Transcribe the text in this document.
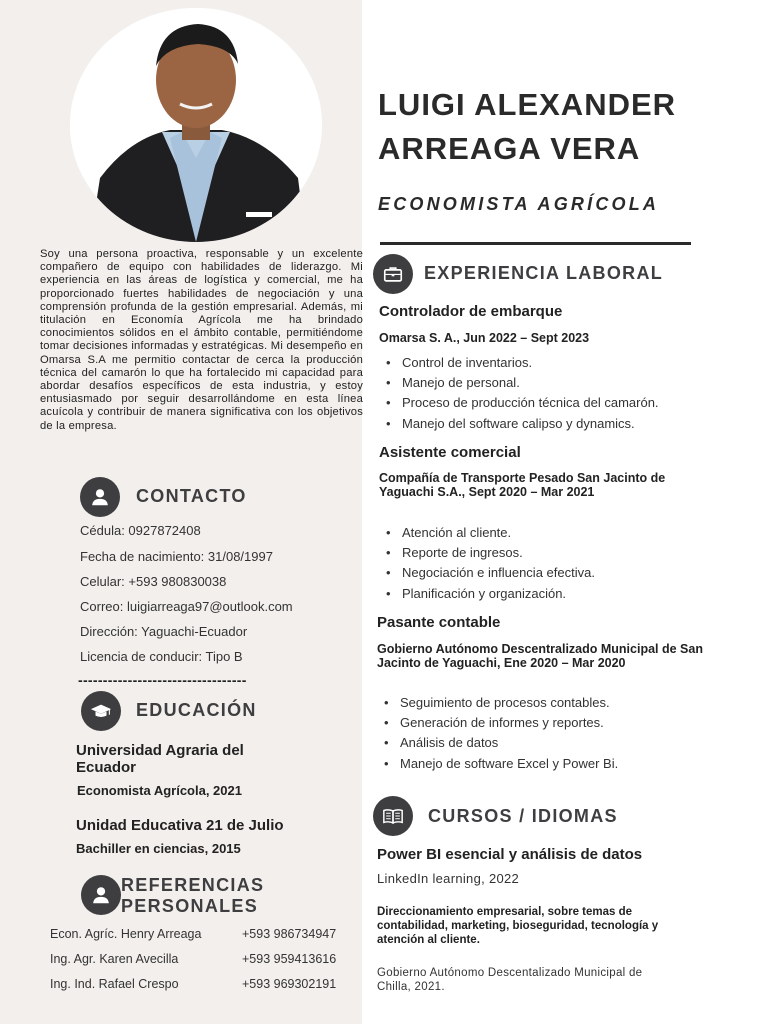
Soy una persona proactiva, responsable y un excelente compañero de equipo con habilidades de liderazgo. Mi experiencia en las áreas de logística y comercial, me ha proporcionado fuertes habilidades de negociación y una comprensión profunda de la gestión empresarial. Además, mi titulación en Economía Agrícola me ha brindado conocimientos sólidos en el ámbito contable, permitiéndome tomar decisiones informadas y estratégicas. Mi desempeño en Omarsa S.A me permitio contactar de cerca la producción técnica del camarón lo que ha fortalecido mi capacidad para abordar desafíos específicos de esta industria, y estoy entusiasmado por seguir desarrollándome en esta línea acuícola y contribuir de manera significativa con los objetivos de la empresa.
CONTACTO
Cédula: 0927872408
Fecha de nacimiento: 31/08/1997
Celular: +593 980830038
Correo: luigiarreaga97@outlook.com
Dirección: Yaguachi-Ecuador
Licencia de conducir: Tipo B
----------------------------------
EDUCACIÓN
Universidad Agraria del Ecuador
Economista Agrícola, 2021
Unidad Educativa 21 de Julio
Bachiller en ciencias, 2015
REFERENCIAS PERSONALES
Econ. Agríc. Henry Arreaga	+593 986734947
Ing. Agr. Karen Avecilla	+593 959413616
Ing. Ind. Rafael Crespo	+593 969302191
LUIGI ALEXANDER ARREAGA VERA
ECONOMISTA AGRÍCOLA
EXPERIENCIA LABORAL
Controlador de embarque
Omarsa S. A., Jun 2022 – Sept 2023
• Control de inventarios.
• Manejo de personal.
• Proceso de producción técnica del camarón.
• Manejo del software calipso y dynamics.
Asistente comercial
Compañía de Transporte Pesado San Jacinto de Yaguachi S.A., Sept 2020 – Mar 2021
• Atención al cliente.
• Reporte de ingresos.
• Negociación e influencia efectiva.
• Planificación y organización.
Pasante contable
Gobierno Autónomo Descentralizado Municipal de San Jacinto de Yaguachi, Ene 2020 – Mar 2020
• Seguimiento de procesos contables.
• Generación de informes y reportes.
• Análisis de datos
• Manejo de software Excel y Power Bi.
CURSOS / IDIOMAS
Power BI esencial y análisis de datos
LinkedIn learning, 2022
Direccionamiento empresarial, sobre temas de contabilidad, marketing, bioseguridad, tecnología y atención al cliente.
Gobierno Autónomo Descentalizado Municipal de Chilla, 2021.
